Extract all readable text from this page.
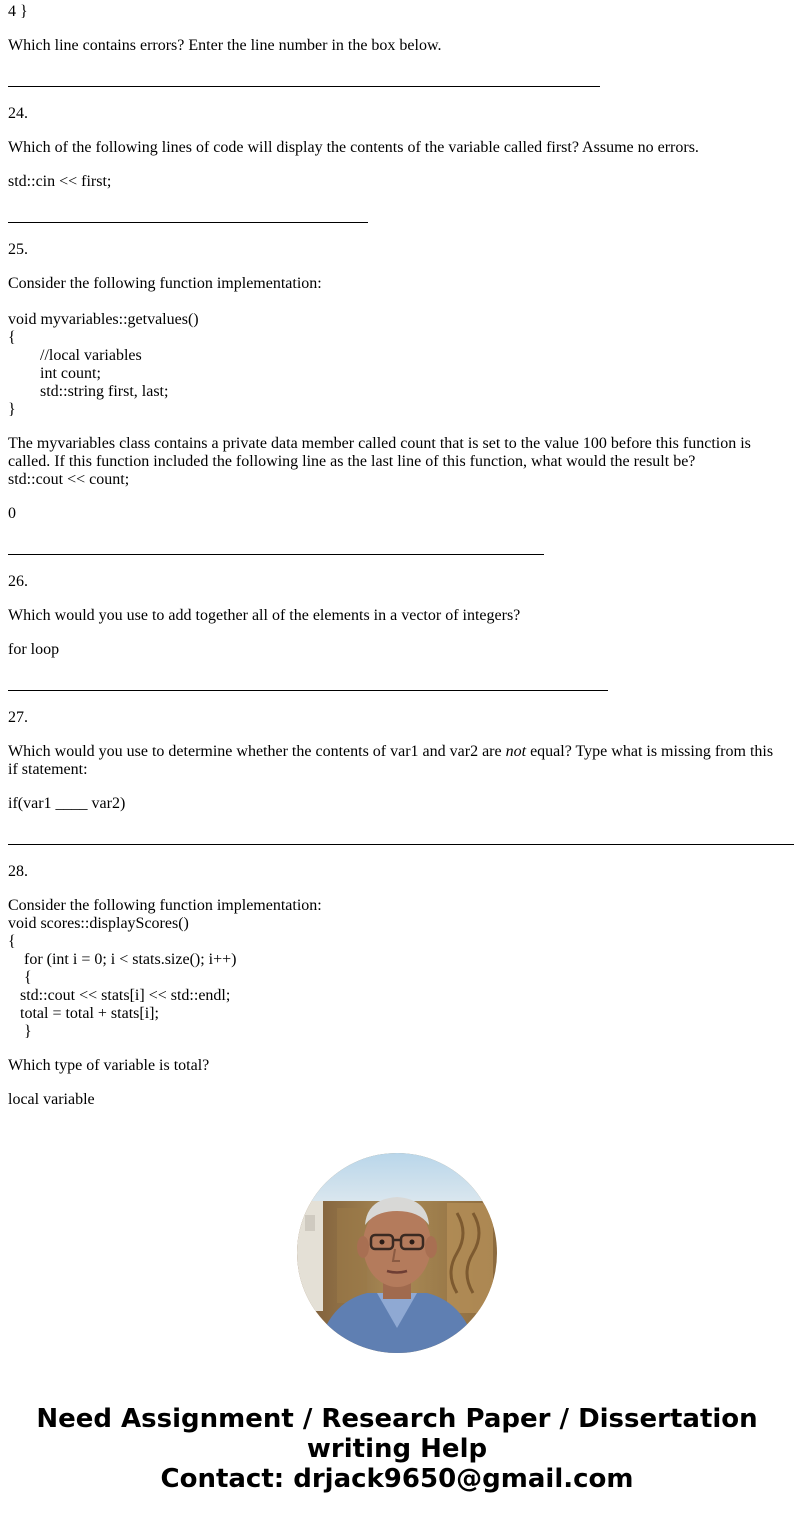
4 }

Which line contains errors? Enter the line number in the box below.

24.

Which of the following lines of code will display the contents of the variable called first? Assume no errors.

std::cin << first;

25.

Consider the following function implementation:

void myvariables::getvalues()

{

//local variables

int count;

std::string first, last;

}

The myvariables class contains a private data member called count that is set to the value 100 before this function is called. If this function included the following line as the last line of this function, what would the result be?

std::cout << count;

0

26.

Which would you use to add together all of the elements in a vector of integers?

for loop

27.

Which would you use to determine whether the contents of var1 and var2 are not equal? Type what is missing from this if statement:

if(var1 ____ var2)

28.

Consider the following function implementation:

void scores::displayScores()

{

for (int i = 0; i < stats.size(); i++)

{

std::cout << stats[i] << std::endl;

total = total + stats[i];

}

Which type of variable is total?

local variable

Need Assignment / Research Paper / Dissertation
writing Help
Contact: drjack9650@gmail.com
